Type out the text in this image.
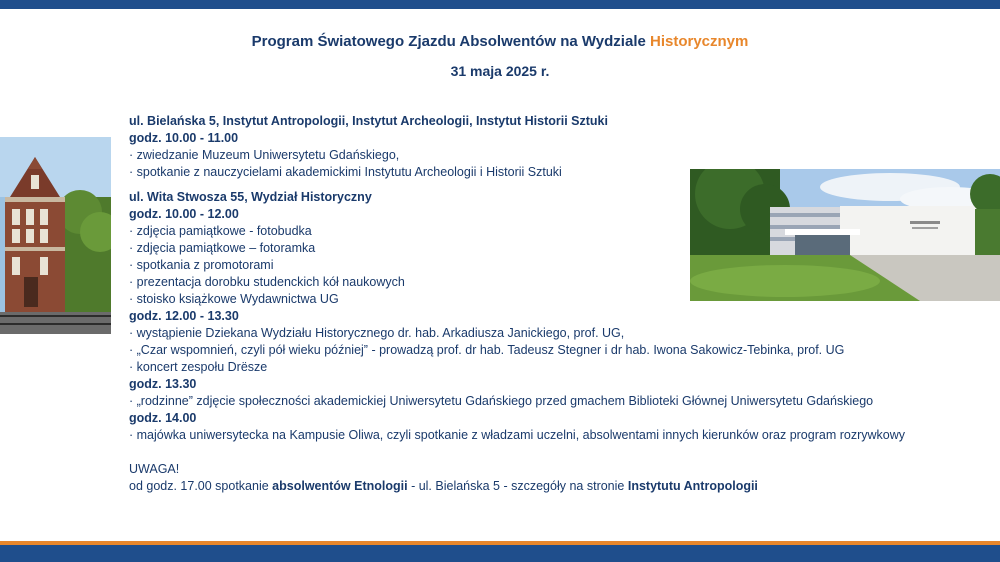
Program Światowego Zjazdu Absolwentów na Wydziale Historycznym
31 maja 2025 r.
ul. Bielańska 5, Instytut Antropologii, Instytut Archeologii, Instytut Historii Sztuki
godz. 10.00 - 11.00
· zwiedzanie Muzeum Uniwersytetu Gdańskiego,
· spotkanie z nauczycielami akademickimi Instytutu Archeologii i Historii Sztuki
ul. Wita Stwosza 55, Wydział Historyczny
godz. 10.00 - 12.00
· zdjęcia pamiątkowe - fotobudka
· zdjęcia pamiątkowe – fotoramka
· spotkania z promotorami
· prezentacja dorobku studenckich kół naukowych
· stoisko książkowe Wydawnictwa UG
godz. 12.00 - 13.30
· wystąpienie Dziekana Wydziału Historycznego dr. hab. Arkadiusza Janickiego, prof. UG,
· „Czar wspomnień, czyli pół wieku później” - prowadzą prof. dr hab. Tadeusz Stegner i dr hab. Iwona Sakowicz-Tebinka, prof. UG
· koncert zespołu Drësze
godz. 13.30
· „rodzinne” zdjęcie społeczności akademickiej Uniwersytetu Gdańskiego przed gmachem Biblioteki Głównej Uniwersytetu Gdańskiego
godz. 14.00
· majówka uniwersytecka na Kampusie Oliwa, czyli spotkanie z władzami uczelni, absolwentami innych kierunków oraz program rozrywkowy
UWAGA!
od godz. 17.00 spotkanie absolwentów Etnologii - ul. Bielańska 5 - szczegóły na stronie Instytutu Antropologii
